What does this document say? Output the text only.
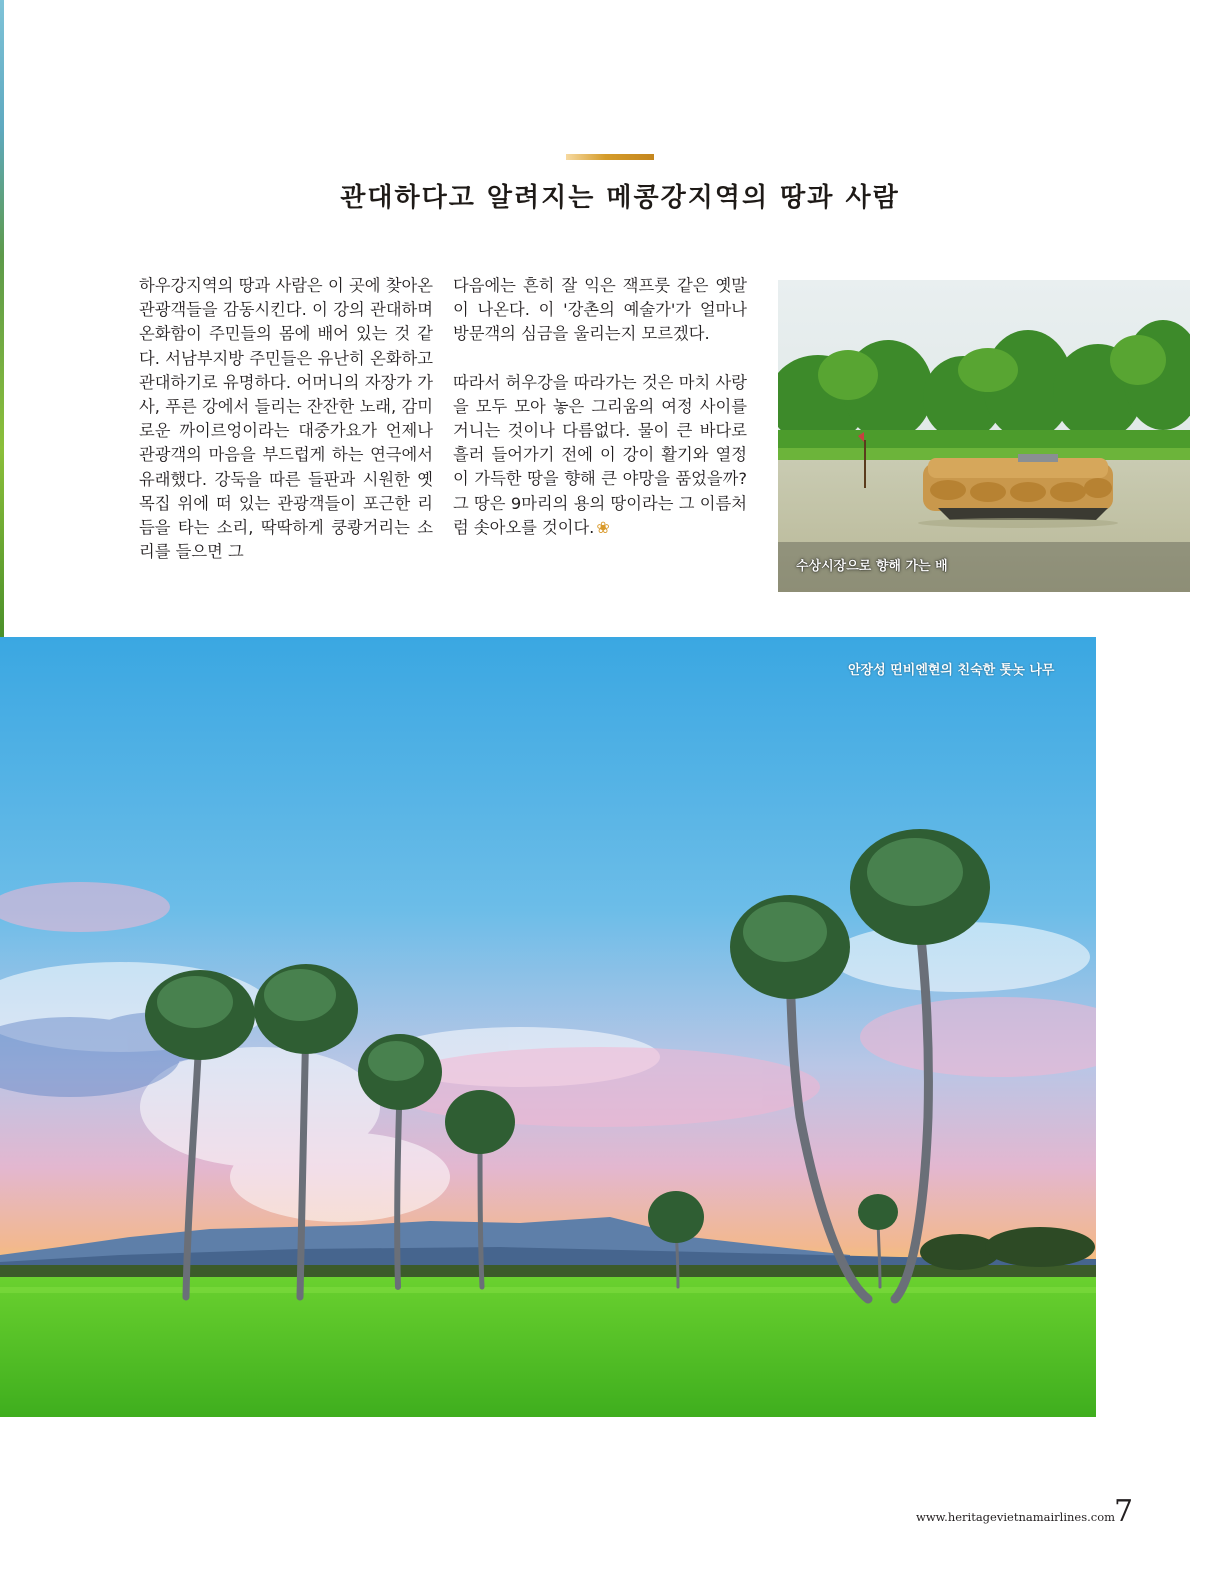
관대하다고 알려지는 메콩강지역의 땅과 사람

하우강지역의 땅과 사람은 이 곳에 찾아온 관광객들을 감동시킨다. 이 강의 관대하며 온화함이 주민들의 몸에 배어 있는 것 같다. 서남부지방 주민들은 유난히 온화하고 관대하기로 유명하다. 어머니의 자장가 가사, 푸른 강에서 들리는 잔잔한 노래, 감미로운 까이르엉이라는 대중가요가 언제나 관광객의 마음을 부드럽게 하는 연극에서 유래했다. 강둑을 따른 들판과 시원한 옛목집 위에 떠 있는 관광객들이 포근한 리듬을 타는 소리, 딱딱하게 쿵쾅거리는 소리를 들으면 그

다음에는 흔히 잘 익은 잭프룻 같은 옛말이 나온다. 이 '강촌의 예술가'가 얼마나 방문객의 심금을 울리는지 모르겠다.

따라서 허우강을 따라가는 것은 마치 사랑을 모두 모아 놓은 그리움의 여정 사이를 거니는 것이나 다름없다. 물이 큰 바다로 흘러 들어가기 전에 이 강이 활기와 열정이 가득한 땅을 향해 큰 야망을 품었을까? 그 땅은 9마리의 용의 땅이라는 그 이름처럼 솟아오를 것이다. ❀

수상시장으로 향해 가는 배
안장성 띤비엔현의 친숙한 톳놋 나무
www.heritagevietnamairlines.com
7
